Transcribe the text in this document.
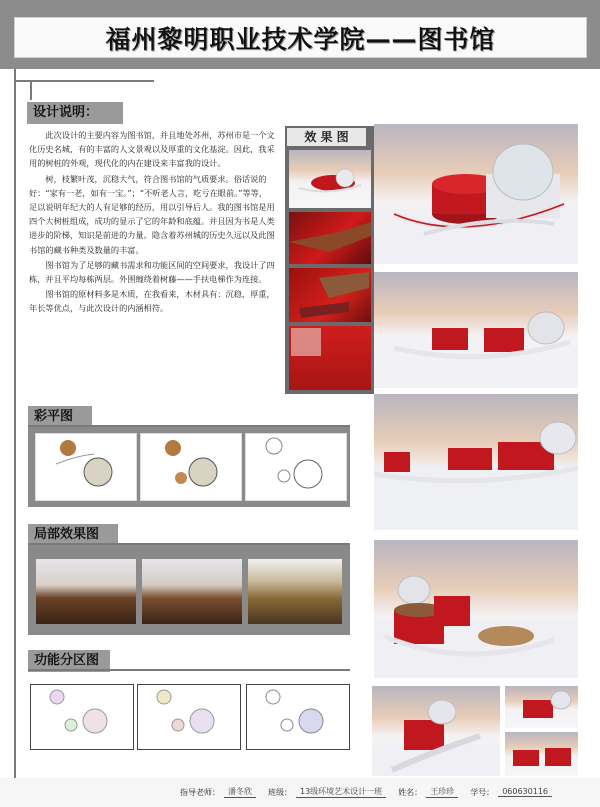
福州黎明职业技术学院——图书馆
设计说明：

此次设计的主要内容为图书馆，并且地处苏州，苏州市是一个文化历史名城，有的丰富的人文景观以及厚重的文化基淀。因此，我采用的树桩的外观，现代化的内在建设来丰富我的设计。

树，枝繁叶茂，沉稳大气，符合图书馆的气质要求。俗话说的好：“家有一老，如有一宝。”；“不听老人言，吃亏在眼前。”等等，足以说明年纪大的人有足够的经历，用以引导后人。我的图书馆是用四个大树桩组成，成功的显示了它的年龄和底蕴。并且因为书是人类进步的阶梯，知识是前进的力量。隐含着苏州城的历史久远以及此图书馆的藏书种类及数量的丰富。

图书馆为了足够的藏书需求和功能区间的空间要求，我设计了四栋，并且平均每栋两层。外围缠绕着树藤——手扶电梯作为连接。

图书馆的原材料多是木质，在我看来，木材具有：沉稳，厚重，年长等优点，与此次设计的内涵相符。

效 果 图
彩平图
局部效果图
功能分区图
指导老师：	潘冬欣	班级：	13级环境艺术设计一班	姓名：	王珍珍	学号：	060630116
